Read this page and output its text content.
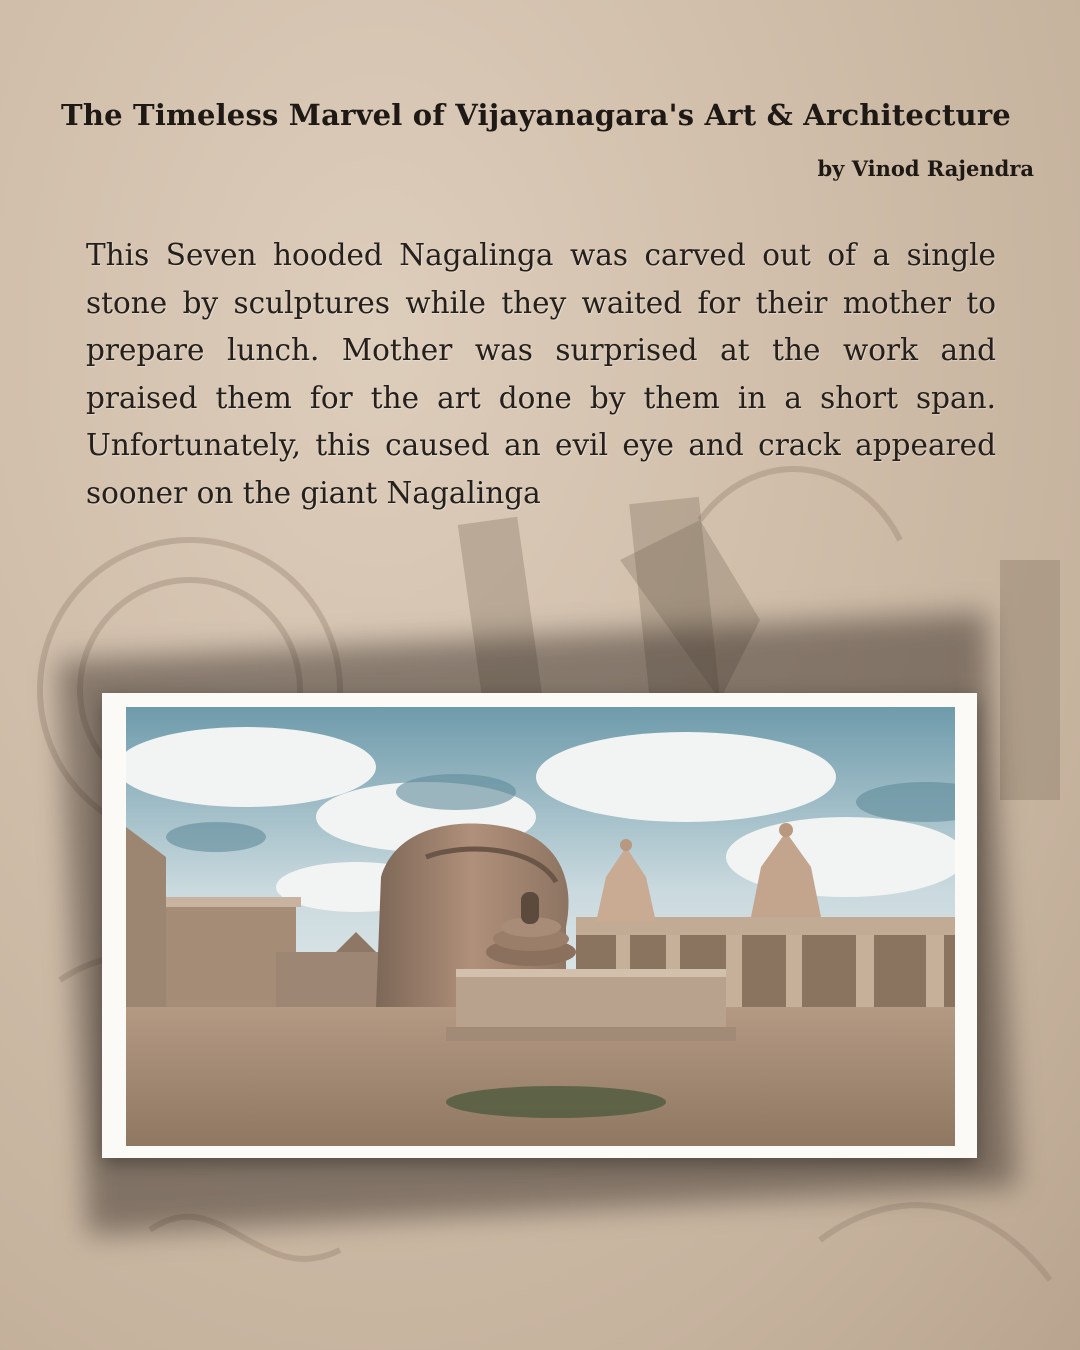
The Timeless Marvel of Vijayanagara's Art & Architecture

by Vinod Rajendra

This Seven hooded Nagalinga was carved out of a single stone by sculptures while they waited for their mother to prepare lunch. Mother was surprised at the work and praised them for the art done by them in a short span. Unfortunately, this caused an evil eye and crack appeared sooner on the giant Nagalinga
